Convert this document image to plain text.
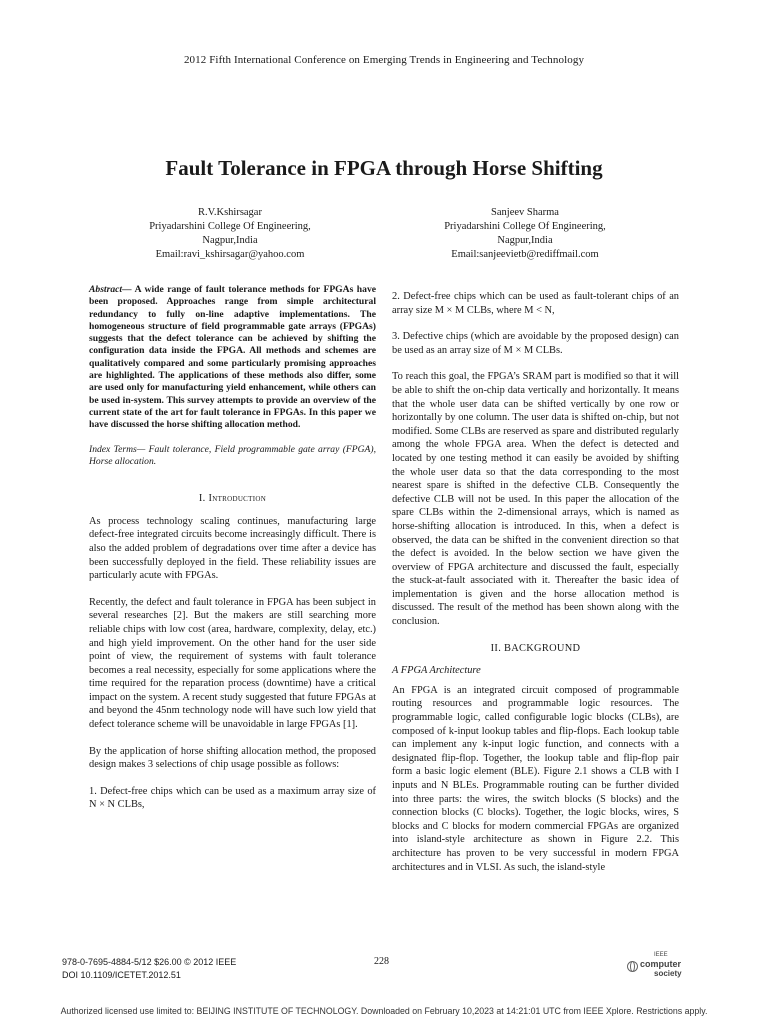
2012 Fifth International Conference on Emerging Trends in Engineering and Technology
Fault Tolerance in FPGA through Horse Shifting
R.V.Kshirsagar
Priyadarshini College Of Engineering,
Nagpur,India
Email:ravi_kshirsagar@yahoo.com
Sanjeev Sharma
Priyadarshini College Of Engineering,
Nagpur,India
Email:sanjeevietb@rediffmail.com

Abstract— A wide range of fault tolerance methods for FPGAs have been proposed. Approaches range from simple architectural redundancy to fully on-line adaptive implementations. The homogeneous structure of field programmable gate arrays (FPGAs) suggests that the defect tolerance can be achieved by shifting the configuration data inside the FPGA. All methods and schemes are qualitatively compared and some particularly promising approaches are highlighted. The applications of these methods also differ, some are used only for manufacturing yield enhancement, while others can be used in-system. This survey attempts to provide an overview of the current state of the art for fault tolerance in FPGAs. In this paper we have discussed the horse shifting allocation method.

Index Terms— Fault tolerance, Field programmable gate array (FPGA), Horse allocation.

I. Introduction

As process technology scaling continues, manufacturing large defect-free integrated circuits become increasingly difficult. There is also the added problem of degradations over time after a device has been successfully deployed in the field. These reliability issues are particularly acute with FPGAs.

Recently, the defect and fault tolerance in FPGA has been subject in several researches [2]. But the makers are still searching more reliable chips with low cost (area, hardware, complexity, delay, etc.) and high yield improvement. On the other hand for the user side point of view, the requirement of systems with fault tolerance becomes a real necessity, especially for some applications where the time required for the reparation process (downtime) have a critical impact on the system. A recent study suggested that future FPGAs at and beyond the 45nm technology node will have such low yield that defect tolerance scheme will be unavoidable in large FPGAs [1].

By the application of horse shifting allocation method, the proposed design makes 3 selections of chip usage possible as follows:

1. Defect-free chips which can be used as a maximum array size of N × N CLBs,

2. Defect-free chips which can be used as fault-tolerant chips of an array size M × M CLBs, where M < N,

3. Defective chips (which are avoidable by the proposed design) can be used as an array size of M × M CLBs.

To reach this goal, the FPGA’s SRAM part is modified so that it will be able to shift the on-chip data vertically and horizontally. It means that the whole user data can be shifted vertically by one row or horizontally by one column. The user data is shifted on-chip, but not modified. Some CLBs are reserved as spare and distributed regularly among the whole FPGA area. When the defect is detected and located by one testing method it can easily be avoided by shifting the whole user data so that the data corresponding to the most nearest spare is shifted in the defective CLB. Consequently the defective CLB will not be used. In this paper the allocation of the spare CLBs within the 2-dimensional arrays, which is named as horse-shifting allocation is introduced. In this, when a defect is observed, the data can be shifted in the convenient direction so that the defect is avoided. In the below section we have given the overview of FPGA architecture and discussed the fault, especially the stuck-at-fault associated with it. Thereafter the basic idea of implementation is given and the horse allocation method is discussed. The result of the method has been shown along with the conclusion.

II. BACKGROUND

A FPGA Architecture

An FPGA is an integrated circuit composed of programmable routing resources and programmable logic resources. The programmable logic, called configurable logic blocks (CLBs), are composed of k-input lookup tables and flip-flops. Each lookup table can implement any k-input logic function, and connects with a designated flip-flop. Together, the lookup table and flip-flop pair form a basic logic element (BLE). Figure 2.1 shows a CLB with I inputs and N BLEs. Programmable routing can be further divided into three parts: the wires, the switch blocks (S blocks) and the connection blocks (C blocks). Together, the logic blocks, wires, S blocks and C blocks for modern commercial FPGAs are organized into island-style architecture as shown in Figure 2.2. This architecture has proven to be very successful in modern FPGA architectures and in VLSI. As such, the island-style

978-0-7695-4884-5/12 $26.00 © 2012 IEEE
DOI 10.1109/ICETET.2012.51
228
IEEE
computer
society
Authorized licensed use limited to: BEIJING INSTITUTE OF TECHNOLOGY. Downloaded on February 10,2023 at 14:21:01 UTC from IEEE Xplore. Restrictions apply.
